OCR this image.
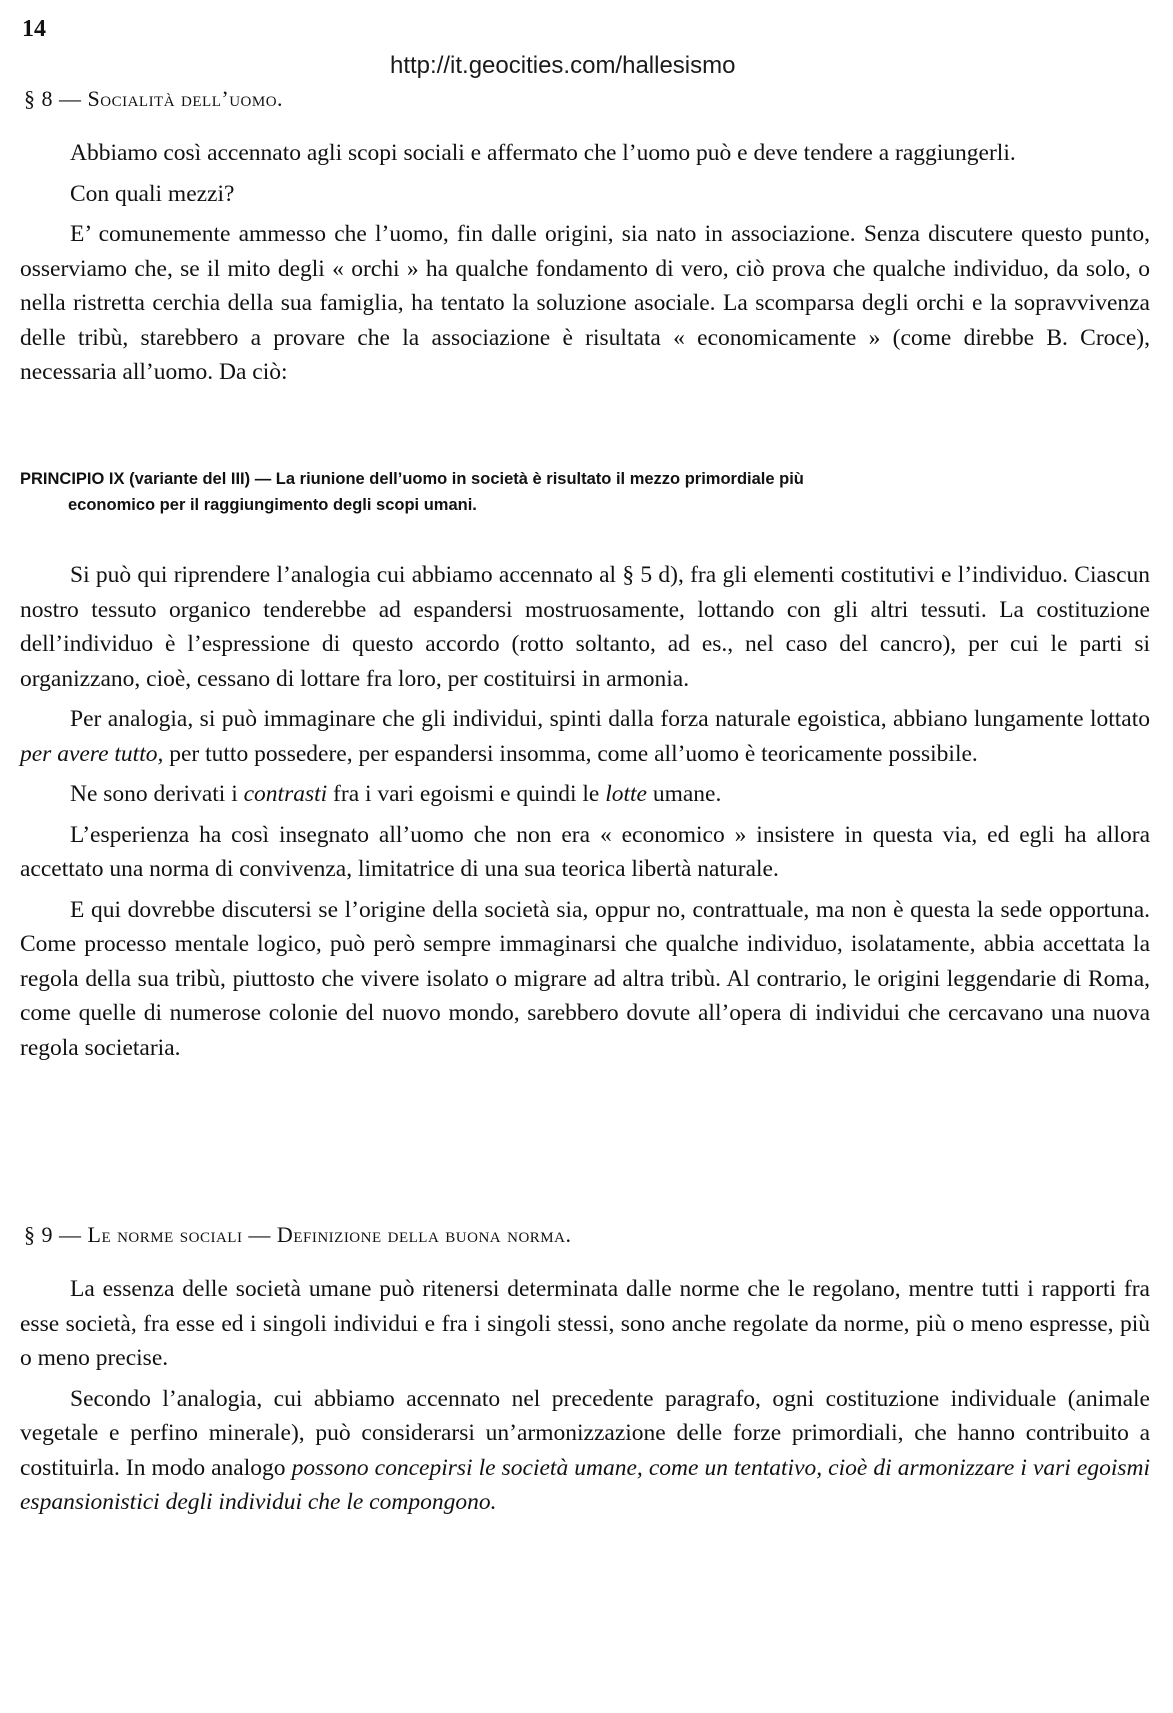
14
http://it.geocities.com/hallesismo
§ 8 — Socialità dell’uomo.

Abbiamo così accennato agli scopi sociali e affermato che l’uomo può e deve tendere a raggiungerli.

Con quali mezzi?

E’ comunemente ammesso che l’uomo, fin dalle origini, sia nato in associazione. Senza discutere questo punto, osserviamo che, se il mito degli « orchi » ha qualche fondamento di vero, ciò prova che qualche individuo, da solo, o nella ristretta cerchia della sua famiglia, ha tentato la soluzione asociale. La scomparsa degli orchi e la sopravvivenza delle tribù, starebbero a provare che la associazione è risultata « economicamente » (come direbbe B. Croce), necessaria all’uomo. Da ciò:

PRINCIPIO IX (variante del III) — La riunione dell’uomo in società è risultato il mezzo primordiale più
economico per il raggiungimento degli scopi umani.

Si può qui riprendere l’analogia cui abbiamo accennato al § 5 d), fra gli elementi costitutivi e l’individuo. Ciascun nostro tessuto organico tenderebbe ad espandersi mostruosamente, lottando con gli altri tessuti. La costituzione dell’individuo è l’espressione di questo accordo (rotto soltanto, ad es., nel caso del cancro), per cui le parti si organizzano, cioè, cessano di lottare fra loro, per costituirsi in armonia.

Per analogia, si può immaginare che gli individui, spinti dalla forza naturale egoistica, abbiano lungamente lottato per avere tutto, per tutto possedere, per espandersi insomma, come all’uomo è teoricamente possibile.

Ne sono derivati i contrasti fra i vari egoismi e quindi le lotte umane.

L’esperienza ha così insegnato all’uomo che non era « economico » insistere in questa via, ed egli ha allora accettato una norma di convivenza, limitatrice di una sua teorica libertà naturale.

E qui dovrebbe discutersi se l’origine della società sia, oppur no, contrattuale, ma non è questa la sede opportuna. Come processo mentale logico, può però sempre immaginarsi che qualche individuo, isolatamente, abbia accettata la regola della sua tribù, piuttosto che vivere isolato o migrare ad altra tribù. Al contrario, le origini leggendarie di Roma, come quelle di numerose colonie del nuovo mondo, sarebbero dovute all’opera di individui che cercavano una nuova regola societaria.

§ 9 — Le norme sociali — Definizione della buona norma.

La essenza delle società umane può ritenersi determinata dalle norme che le regolano, mentre tutti i rapporti fra esse società, fra esse ed i singoli individui e fra i singoli stessi, sono anche regolate da norme, più o meno espresse, più o meno precise.

Secondo l’analogia, cui abbiamo accennato nel precedente paragrafo, ogni costituzione individuale (animale vegetale e perfino minerale), può considerarsi un’armonizzazione delle forze primordiali, che hanno contribuito a costituirla. In modo analogo possono concepirsi le società umane, come un tentativo, cioè di armonizzare i vari egoismi espansionistici degli individui che le compongono.
